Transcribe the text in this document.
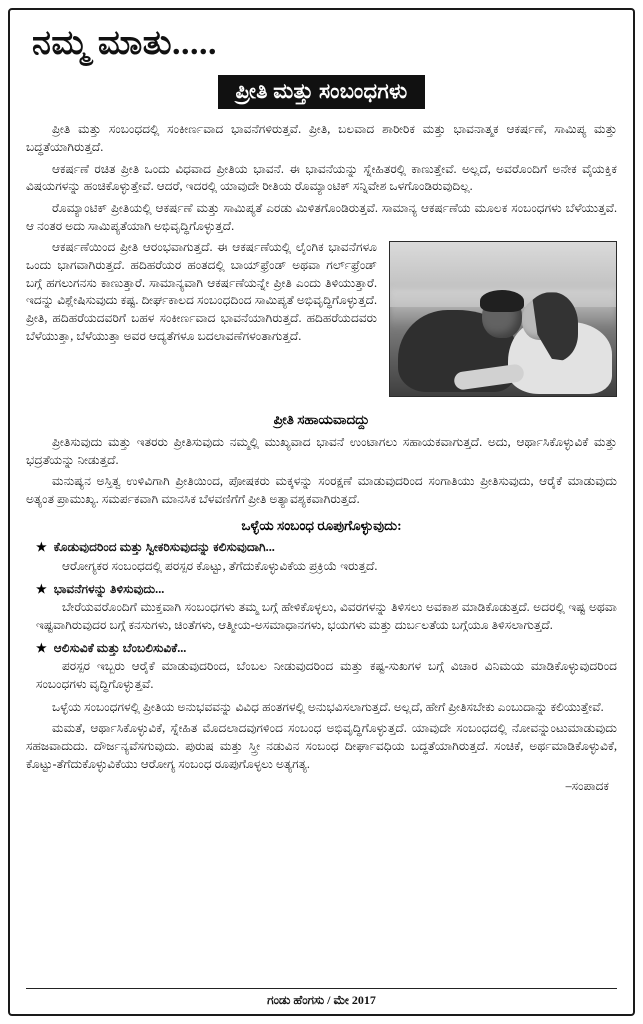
ನಮ್ಮ ಮಾತು.....
ಪ್ರೀತಿ ಮತ್ತು ಸಂಬಂಧಗಳು

ಪ್ರೀತಿ ಮತ್ತು ಸಂಬಂಧದಲ್ಲಿ ಸಂಕೀರ್ಣವಾದ ಭಾವನೆಗಳಿರುತ್ತವೆ. ಪ್ರೀತಿ, ಬಲವಾದ ಶಾರೀರಿಕ ಮತ್ತು ಭಾವನಾತ್ಮಕ ಆಕರ್ಷಣೆ, ಸಾಮಿಪ್ಯ ಮತ್ತು ಬದ್ಧತೆಯಾಗಿರುತ್ತದೆ.

ಆಕರ್ಷಣೆ ರಚಿತ ಪ್ರೀತಿ ಒಂದು ವಿಧವಾದ ಪ್ರೀತಿಯ ಭಾವನೆ. ಈ ಭಾವನೆಯನ್ನು ಸ್ನೇಹಿತರಲ್ಲಿ ಕಾಣುತ್ತೇವೆ. ಅಲ್ಲದೆ, ಅವರೊಂದಿಗೆ ಅನೇಕ ವೈಯಕ್ತಿಕ ವಿಷಯಗಳನ್ನು ಹಂಚಿಕೊಳ್ಳುತ್ತೇವೆ. ಆದರೆ, ಇದರಲ್ಲಿ ಯಾವುದೇ ರೀತಿಯ ರೊಮ್ಯಾಂಟಿಕ್ ಸನ್ನಿವೇಶ ಒಳಗೊಂಡಿರುವುದಿಲ್ಲ.

ರೊಮ್ಯಾಂಟಿಕ್ ಪ್ರೀತಿಯಲ್ಲಿ ಆಕರ್ಷಣೆ ಮತ್ತು ಸಾಮಿಪ್ಯತೆ ಎರಡು ಮಿಳಿತಗೊಂಡಿರುತ್ತವೆ. ಸಾಮಾನ್ಯ ಆಕರ್ಷಣೆಯ ಮೂಲಕ ಸಂಬಂಧಗಳು ಬೆಳೆಯುತ್ತವೆ. ಆ ನಂತರ ಅದು ಸಾಮಿಪ್ಯತೆಯಾಗಿ ಅಭಿವೃದ್ಧಿಗೊಳ್ಳುತ್ತದೆ.

ಆಕರ್ಷಣೆಯಿಂದ ಪ್ರೀತಿ ಆರಂಭವಾಗುತ್ತದೆ. ಈ ಆಕರ್ಷಣೆಯಲ್ಲಿ ಲೈಂಗಿಕ ಭಾವನೆಗಳೂ ಒಂದು ಭಾಗವಾಗಿರುತ್ತದೆ. ಹದಿಹರೆಯರ ಹಂತದಲ್ಲಿ ಬಾಯ್‌ಫ್ರೆಂಡ್ ಅಥವಾ ಗರ್ಲ್‌ಫ್ರೆಂಡ್ ಬಗ್ಗೆ ಹಗಲುಗನಸು ಕಾಣುತ್ತಾರೆ. ಸಾಮಾನ್ಯವಾಗಿ ಆಕರ್ಷಣೆಯನ್ನೇ ಪ್ರೀತಿ ಎಂದು ತಿಳಿಯುತ್ತಾರೆ. ಇದನ್ನು ವಿಶ್ಲೇಷಿಸುವುದು ಕಷ್ಟ. ದೀರ್ಘಕಾಲದ ಸಂಬಂಧದಿಂದ ಸಾಮಿಪ್ಯತೆ ಅಭಿವೃದ್ಧಿಗೊಳ್ಳುತ್ತದೆ. ಪ್ರೀತಿ, ಹದಿಹರೆಯದವರಿಗೆ ಬಹಳ ಸಂಕೀರ್ಣವಾದ ಭಾವನೆಯಾಗಿರುತ್ತದೆ. ಹದಿಹರೆಯದವರು ಬೆಳೆಯುತ್ತಾ, ಬೆಳೆಯುತ್ತಾ ಅವರ ಆದ್ಯತೆಗಳೂ ಬದಲಾವಣೆಗಳಂತಾಗುತ್ತದೆ.

ಪ್ರೀತಿ ಸಹಾಯವಾದದ್ದು

ಪ್ರೀತಿಸುವುದು ಮತ್ತು ಇತರರು ಪ್ರೀತಿಸುವುದು ನಮ್ಮಲ್ಲಿ ಮುಖ್ಯವಾದ ಭಾವನೆ ಉಂಟಾಗಲು ಸಹಾಯಕವಾಗುತ್ತದೆ. ಅದು, ಆರ್ಥಾಸಿಕೊಳ್ಳುವಿಕೆ ಮತ್ತು ಭದ್ರತೆಯನ್ನು ನೀಡುತ್ತದೆ.

ಮನುಷ್ಯನ ಅಸ್ತಿತ್ವ ಉಳಿವಿಗಾಗಿ ಪ್ರೀತಿಯಿಂದ, ಪೋಷಕರು ಮಕ್ಕಳನ್ನು ಸಂರಕ್ಷಣೆ ಮಾಡುವುದರಿಂದ ಸಂಗಾತಿಯು ಪ್ರೀತಿಸುವುದು, ಆರೈಕೆ ಮಾಡುವುದು ಅತ್ಯಂತ ಪ್ರಾಮುಖ್ಯ. ಸಮರ್ಪಕವಾಗಿ ಮಾನಸಿಕ ಬೆಳವಣಿಗೆಗೆ ಪ್ರೀತಿ ಅತ್ಯಾವಶ್ಯಕವಾಗಿರುತ್ತದೆ.

ಒಳ್ಳೆಯ ಸಂಬಂಧ ರೂಪುಗೊಳ್ಳುವುದು:
★ ಕೊಡುವುದರಿಂದ ಮತ್ತು ಸ್ವೀಕರಿಸುವುದನ್ನು ಕಲಿಸುವುದಾಗಿ...
ಆರೋಗ್ಯಕರ ಸಂಬಂಧದಲ್ಲಿ ಪರಸ್ಪರ ಕೊಟ್ಟು, ತೆಗೆದುಕೊಳ್ಳುವಿಕೆಯ ಪ್ರಕ್ರಿಯೆ ಇರುತ್ತದೆ.
★ ಭಾವನೆಗಳನ್ನು ತಿಳಿಸುವುದು...
ಬೇರೆಯವರೊಂದಿಗೆ ಮುಕ್ತವಾಗಿ ಸಂಬಂಧಗಳು ತಮ್ಮ ಬಗ್ಗೆ ಹೇಳಿಕೊಳ್ಳಲು, ವಿವರಗಳನ್ನು ತಿಳಿಸಲು ಅವಕಾಶ ಮಾಡಿಕೊಡುತ್ತದೆ. ಅದರಲ್ಲಿ ಇಷ್ಟ ಅಥವಾ ಇಷ್ಟವಾಗಿರುವುದರ ಬಗ್ಗೆ ಕನಸುಗಳು, ಚಿಂತೆಗಳು, ಆತ್ಮೀಯ-ಅಸಮಾಧಾನಗಳು, ಭಯಗಳು ಮತ್ತು ದುರ್ಬಲತೆಯ ಬಗ್ಗೆಯೂ ತಿಳಿಸಲಾಗುತ್ತದೆ.
★ ಆಲಿಸುವಿಕೆ ಮತ್ತು ಬೆಂಬಲಿಸುವಿಕೆ...
ಪರಸ್ಪರ ಇಬ್ಬರು ಆರೈಕೆ ಮಾಡುವುದರಿಂದ, ಬೆಂಬಲ ನೀಡುವುದರಿಂದ ಮತ್ತು ಕಷ್ಟ-ಸುಖಗಳ ಬಗ್ಗೆ ವಿಚಾರ ವಿನಿಮಯ ಮಾಡಿಕೊಳ್ಳುವುದರಿಂದ ಸಂಬಂಧಗಳು ವೃದ್ಧಿಗೊಳ್ಳುತ್ತವೆ.

ಒಳ್ಳೆಯ ಸಂಬಂಧಗಳಲ್ಲಿ ಪ್ರೀತಿಯ ಅನುಭವವನ್ನು ವಿವಿಧ ಹಂತಗಳಲ್ಲಿ ಅನುಭವಿಸಲಾಗುತ್ತದೆ. ಅಲ್ಲದೆ, ಹೇಗೆ ಪ್ರೀತಿಸಬೇಕು ಎಂಬುದಾನ್ನು ಕಲಿಯುತ್ತೇವೆ.

ಮಮತೆ, ಆರ್ಥಾಸಿಕೊಳ್ಳುವಿಕೆ, ಸ್ನೇಹಿತ ಮೊದಲಾದವುಗಳಿಂದ ಸಂಬಂಧ ಅಭಿವೃದ್ಧಿಗೊಳ್ಳುತ್ತದೆ. ಯಾವುದೇ ಸಂಬಂಧದಲ್ಲಿ ನೋವನ್ನುಂಟುಮಾಡುವುದು ಸಹಜವಾದುದು. ದೌರ್ಜನ್ಯವೆಸಗುವುದು. ಪುರುಷ ಮತ್ತು ಸ್ತ್ರೀ ನಡುವಿನ ಸಂಬಂಧ ದೀರ್ಘಾವಧಿಯ ಬದ್ಧತೆಯಾಗಿರುತ್ತದೆ. ಸಂಚಿಕೆ, ಅರ್ಥಮಾಡಿಕೊಳ್ಳುವಿಕೆ, ಕೊಟ್ಟು-ತೆಗೆದುಕೊಳ್ಳುವಿಕೆಯು ಆರೋಗ್ಯ ಸಂಬಂಧ ರೂಪುಗೊಳ್ಳಲು ಅತ್ಯಗತ್ಯ.

–ಸಂಪಾದಕ
ಗಂಡು ಹೆಂಗಸು / ಮೇ 2017
